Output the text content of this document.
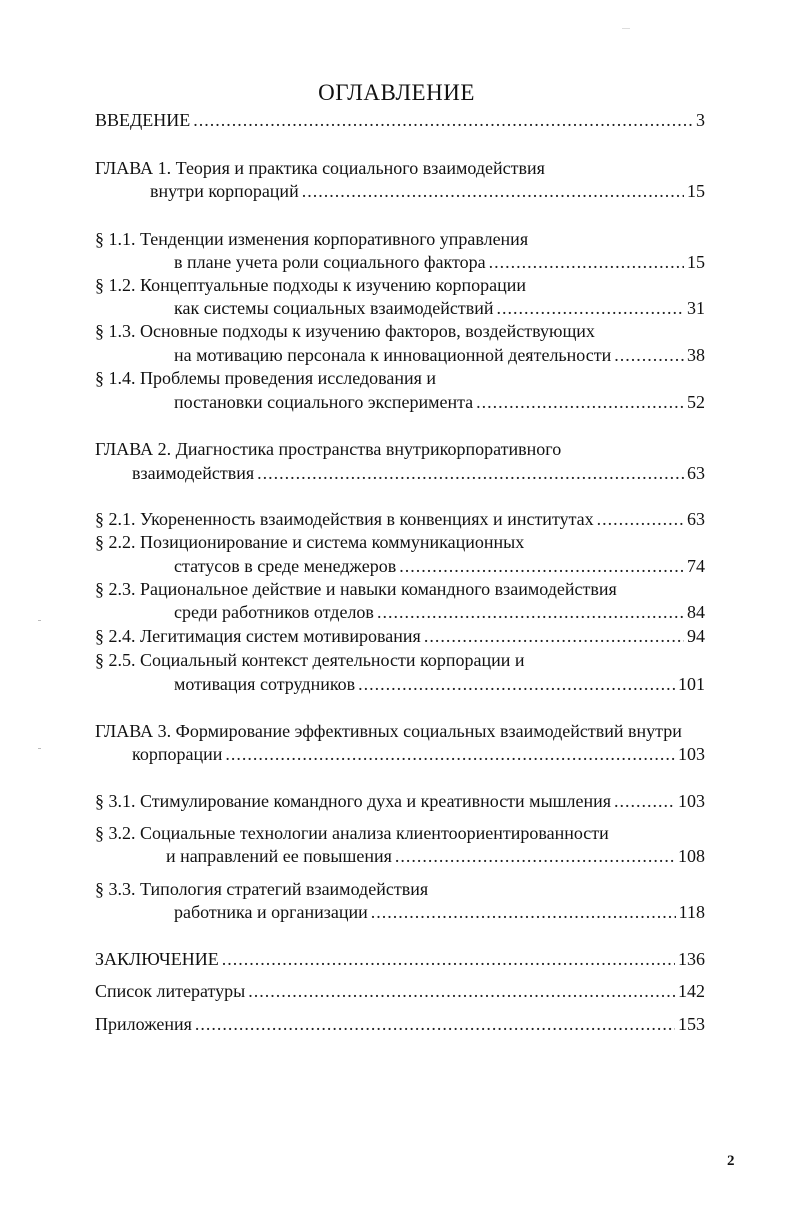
ОГЛАВЛЕНИЕ
ВВЕДЕНИЕ .....	3
ГЛАВА 1. Теория и практика социального взаимодействия
внутри корпораций .....	15
§ 1.1. Тенденции изменения корпоративного управления
в плане учета роли социального фактора .....	15
§ 1.2. Концептуальные подходы к изучению корпорации
как системы социальных взаимодействий .....	31
§ 1.3. Основные подходы к изучению факторов, воздействующих
на мотивацию персонала к инновационной деятельности .....	38
§ 1.4. Проблемы проведения исследования и
постановки социального эксперимента .....	52
ГЛАВА 2. Диагностика пространства внутрикорпоративного
взаимодействия .....	63
§ 2.1. Укорененность взаимодействия в конвенциях и институтах .....	63
§ 2.2. Позиционирование и система коммуникационных
статусов в среде менеджеров .....	74
§ 2.3. Рациональное действие и навыки командного взаимодействия
среди работников отделов .....	84
§ 2.4. Легитимация систем мотивирования .....	94
§ 2.5. Социальный контекст деятельности корпорации и
мотивация сотрудников .....	101
ГЛАВА 3. Формирование эффективных социальных взаимодействий внутри
корпорации .....	103
§ 3.1. Стимулирование командного духа и креативности мышления .....	103
§ 3.2. Социальные технологии анализа клиентоориентированности
и направлений ее повышения .....	108
§ 3.3. Типология стратегий взаимодействия
работника и организации .....	118
ЗАКЛЮЧЕНИЕ .....	136
Список литературы .....	142
Приложения .....	153
2
